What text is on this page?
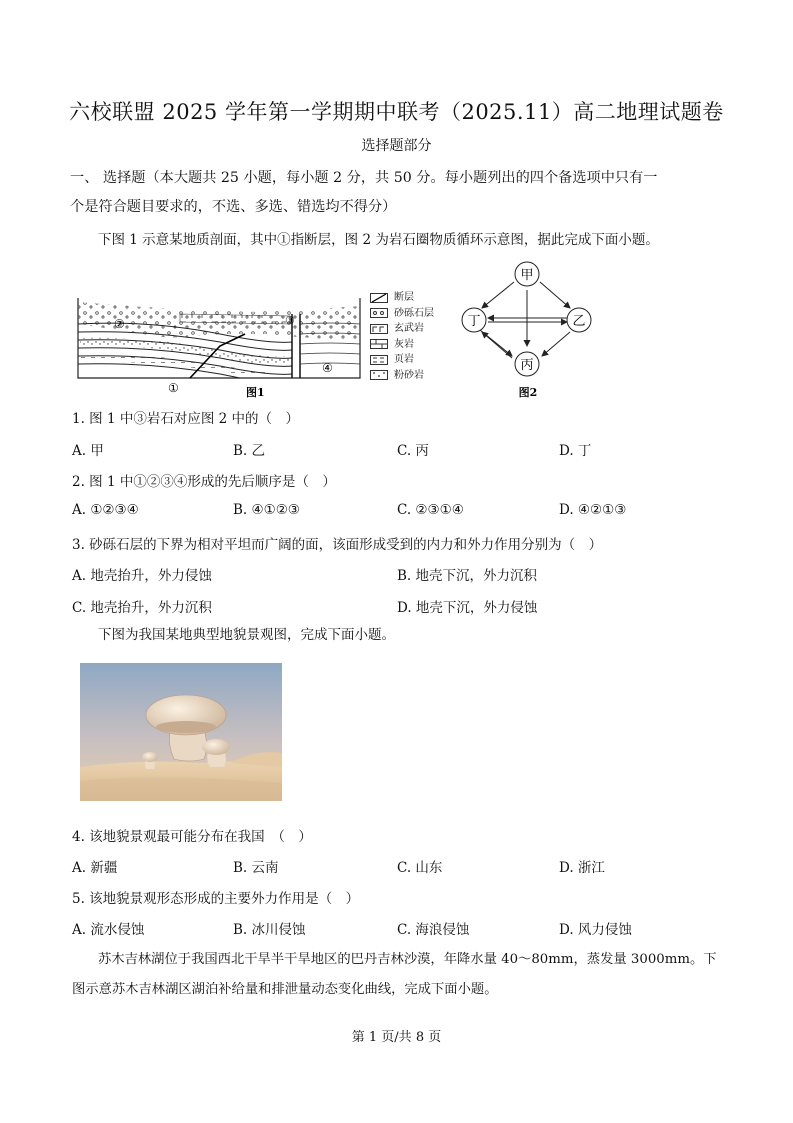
六校联盟 2025 学年第一学期期中联考（2025.11）高二地理试题卷
选择题部分
一、 选择题（本大题共 25 小题，每小题 2 分，共 50 分。每小题列出的四个备选项中只有一
个是符合题目要求的，不选、多选、错选均不得分）
下图 1 示意某地质剖面，其中①指断层，图 2 为岩石圈物质循环示意图，据此完成下面小题。
②	③
④
①	图1
断层
砂砾石层
玄武岩
灰岩
页岩
粉砂岩
甲
乙
丙
丁
图2
1. 图 1 中③岩石对应图 2 中的（　）
A. 甲	B. 乙	C. 丙	D. 丁
2. 图 1 中①②③④形成的先后顺序是（　）
A. ①②③④	B. ④①②③	C. ②③①④	D. ④②①③
3. 砂砾石层的下界为相对平坦而广阔的面，该面形成受到的内力和外力作用分别为（　）
A. 地壳抬升，外力侵蚀	B. 地壳下沉，外力沉积
C. 地壳抬升，外力沉积	D. 地壳下沉，外力侵蚀
下图为我国某地典型地貌景观图，完成下面小题。
4. 该地貌景观最可能分布在我国　（　）
A. 新疆	B. 云南	C. 山东	D. 浙江
5. 该地貌景观形态形成的主要外力作用是（　）
A. 流水侵蚀	B. 冰川侵蚀	C. 海浪侵蚀	D. 风力侵蚀
苏木吉林湖位于我国西北干旱半干旱地区的巴丹吉林沙漠，年降水量 40～80mm，蒸发量 3000mm。下
图示意苏木吉林湖区湖泊补给量和排泄量动态变化曲线，完成下面小题。
第 1 页/共 8 页
